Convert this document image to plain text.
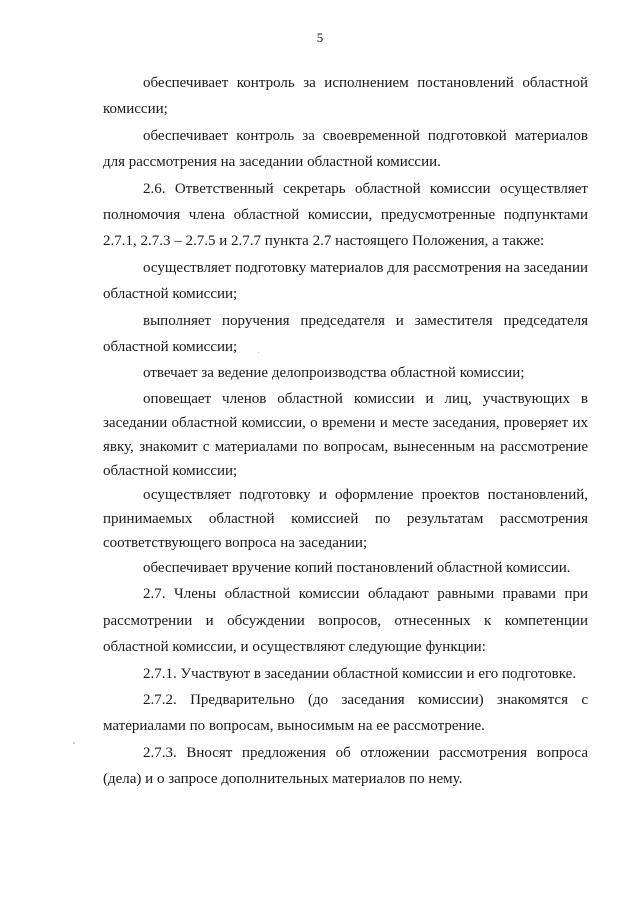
5

обеспечивает контроль за исполнением постановлений областной комиссии;

обеспечивает контроль за своевременной подготовкой материалов для рассмотрения на заседании областной комиссии.

2.6. Ответственный секретарь областной комиссии осуществляет полномочия члена областной комиссии, предусмотренные подпунктами 2.7.1, 2.7.3 – 2.7.5 и 2.7.7 пункта 2.7 настоящего Положения, а также:

осуществляет подготовку материалов для рассмотрения на заседании областной комиссии;

выполняет поручения председателя и заместителя председателя областной комиссии;

отвечает за ведение делопроизводства областной комиссии;

оповещает членов областной комиссии и лиц, участвующих в заседании областной комиссии, о времени и месте заседания, проверяет их явку, знакомит с материалами по вопросам, вынесенным на рассмотрение областной комиссии;

осуществляет подготовку и оформление проектов постановлений, принимаемых областной комиссией по результатам рассмотрения соответствующего вопроса на заседании;

обеспечивает вручение копий постановлений областной комиссии.

2.7. Члены областной комиссии обладают равными правами при рассмотрении и обсуждении вопросов, отнесенных к компетенции областной комиссии, и осуществляют следующие функции:

2.7.1. Участвуют в заседании областной комиссии и его подготовке.

2.7.2. Предварительно (до заседания комиссии) знакомятся с материалами по вопросам, выносимым на ее рассмотрение.

2.7.3. Вносят предложения об отложении рассмотрения вопроса (дела) и о запросе дополнительных материалов по нему.
